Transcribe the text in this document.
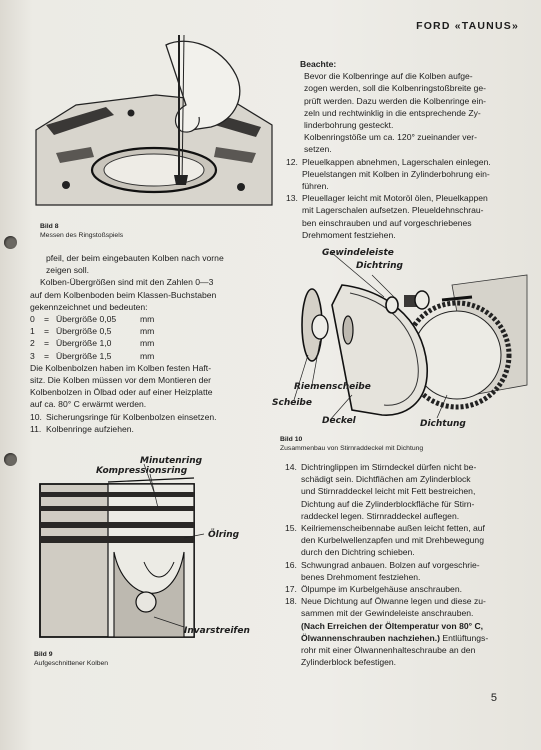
FORD «TAUNUS»
Bild 8
Messen des Ringstoßspiels

Beachte:

Bevor die Kolbenringe auf die Kolben aufge-

zogen werden, soll die Kolbenringstoßbreite ge-

prüft werden. Dazu werden die Kolbenringe ein-

zeln und rechtwinklig in die entsprechende Zy-

linderbohrung gesteckt.

Kolbenringstöße um ca. 120° zueinander ver-

setzen.

12. Pleuelkappen abnehmen, Lagerschalen einlegen.

Pleuelstangen mit Kolben in Zylinderbohrung ein-

führen.

13. Pleuellager leicht mit Motoröl ölen, Pleuelkappen

mit Lagerschalen aufsetzen. Pleueldehnschrau-

ben einschrauben und auf vorgeschriebenes

Drehmoment festziehen.

pfeil, der beim eingebauten Kolben nach vorne

zeigen soll.

Kolben-Übergrößen sind mit den Zahlen 0—3

auf dem Kolbenboden beim Klassen-Buchstaben

gekennzeichnet und bedeuten:

0	= Übergröße 0,05	mm
1	= Übergröße 0,5	mm
2	= Übergröße 1,0	mm
3	= Übergröße 1,5	mm

Die Kolbenbolzen haben im Kolben festen Haft-

sitz. Die Kolben müssen vor dem Montieren der

Kolbenbolzen in Ölbad oder auf einer Heizplatte

auf ca. 80° C erwärmt werden.

10. Sicherungsringe für Kolbenbolzen einsetzen.

11. Kolbenringe aufziehen.

Gewindeleiste
Dichtring
Riemenscheibe
Scheibe
Deckel	Dichtung
Bild 10
Zusammenbau von Stirnraddeckel mit Dichtung
Minutenring
Kompressionsring
Ölring
Invarstreifen
Bild 9
Aufgeschnittener Kolben
14. Dichtringlippen im Stirndeckel dürfen nicht be-

schädigt sein. Dichtflächen am Zylinderblock

und Stirnraddeckel leicht mit Fett bestreichen,

Dichtung auf die Zylinderblockfläche für Stirn-

raddeckel legen. Stirnraddeckel auflegen.

15. Keilriemenscheibennabe außen leicht fetten, auf

den Kurbelwellenzapfen und mit Drehbewegung

durch den Dichtring schieben.

16. Schwungrad anbauen. Bolzen auf vorgeschrie-

benes Drehmoment festziehen.

17. Ölpumpe im Kurbelgehäuse anschrauben.

18. Neue Dichtung auf Ölwanne legen und diese zu-

sammen mit der Gewindeleiste anschrauben.

(Nach Erreichen der Öltemperatur von 80° C,

Ölwannenschrauben nachziehen.) Entlüftungs-

rohr mit einer Ölwannenhalteschraube an den

Zylinderblock befestigen.

5
